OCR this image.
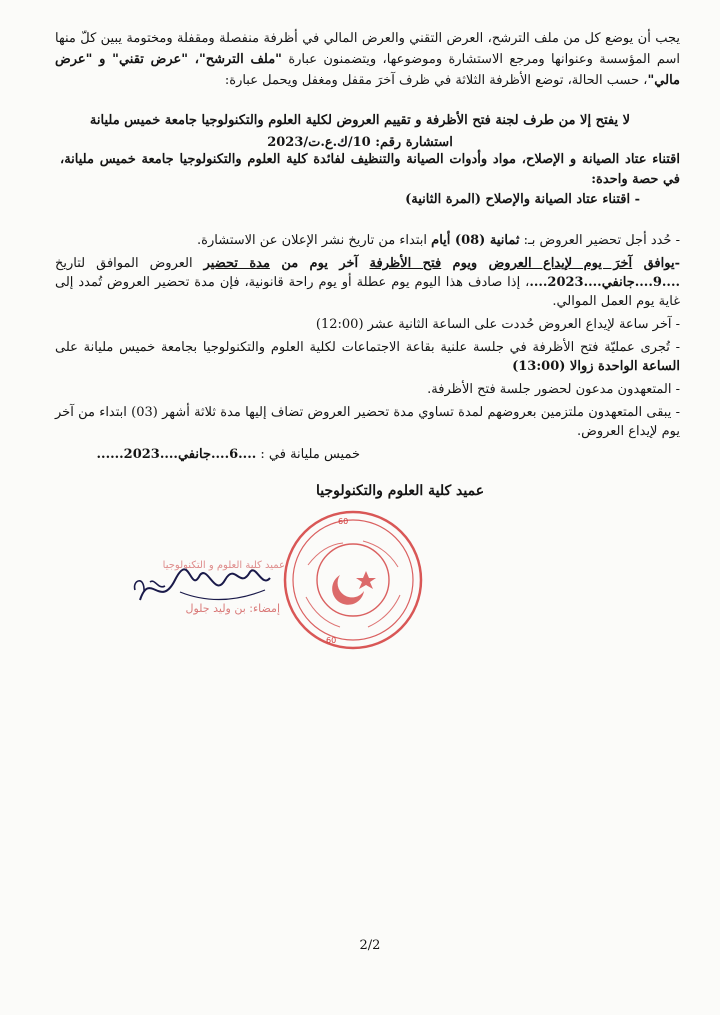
يجب أن يوضع كل من ملف الترشح، العرض التقني والعرض المالي في أظرفة منفصلة ومقفلة ومختومة يبين كلّ منها اسم المؤسسة وعنوانها ومرجع الاستشارة وموضوعها، ويتضمنون عبارة "ملف الترشح"، "عرض تقني" و "عرض مالي"، حسب الحالة، توضع الأظرفة الثلاثة في ظرف آخرَ مقفل ومغفل ويحمل عبارة:
لا يفتح إلا من طرف لجنة فتح الأظرفة و تقييم العروض لكلية العلوم والتكنولوجيا جامعة خميس مليانة
استشارة رقم: 10/ك.ع.ت/2023
اقتناء عتاد الصيانة و الإصلاح، مواد وأدوات الصيانة والتنظيف لفائدة كلية العلوم والتكنولوجيا جامعة خميس مليانة، في حصة واحدة:
- اقتناء عتاد الصيانة والإصلاح (المرة الثانية)

- حُدد أجل تحضير العروض بـ: ثمانية (08) أيام ابتداء من تاريخ نشر الإعلان عن الاستشارة.

-يوافق آخرَ يوم لإيداع العروض ويوم فتح الأظرفة آخر يوم من مدة تحضير العروض الموافق لتاريخ ....9....جانفي....2023....، إذا صادف هذا اليوم يوم عطلة أو يوم راحة قانونية، فإن مدة تحضير العروض تُمدد إلى غاية يوم العمل الموالي.

- آخر ساعة لإيداع العروض حُددت على الساعة الثانية عشر (12:00)

- تُجرى عمليّة فتح الأظرفة في جلسة علنية بقاعة الاجتماعات لكلية العلوم والتكنولوجيا بجامعة خميس مليانة على الساعة الواحدة زوالا (13:00)

- المتعهدون مدعون لحضور جلسة فتح الأظرفة.

- يبقى المتعهدون ملتزمين بعروضهم لمدة تساوي مدة تحضير العروض تضاف إليها مدة ثلاثة أشهر (03) ابتداء من آخر يوم لإيداع العروض.

خميس مليانة في : ....6....جانفي....2023......
عميد كلية العلوم والتكنولوجيا
60
60
عميد كلية العلوم و التكنولوجيا
إمضاء: بن وليد جلول
2/2
